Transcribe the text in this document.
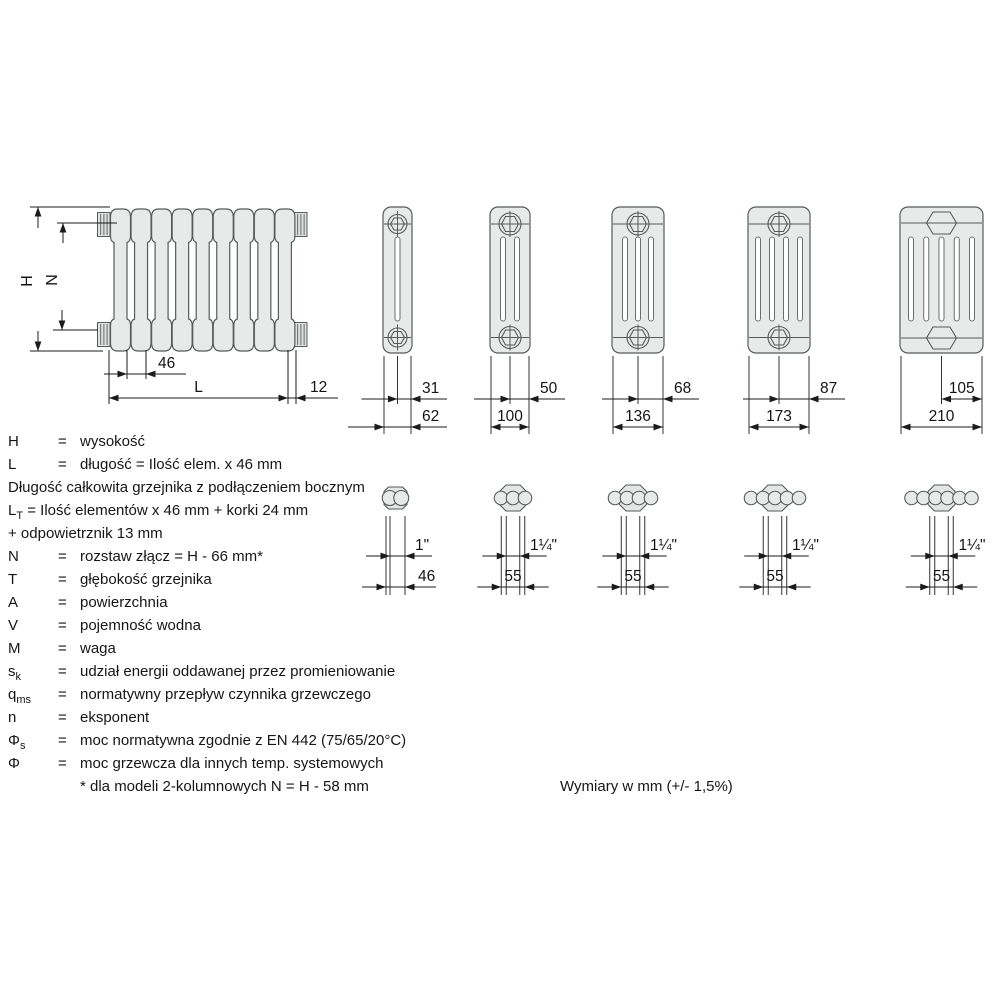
H N
46
L	12	31
62
50
100
68
136
87
173
105
210
1"
46
1¼"
55
1¼"
55
1¼"
55
1¼"
55
H	= wysokość
L	= długość = Ilość elem. x 46 mm
Długość całkowita grzejnika z podłączeniem bocznym
$L_T$ = Ilość elementów x 46 mm + korki 24 mm
+ odpowietrznik 13 mm
N	= rozstaw złącz = H - 66 mm*
T	= głębokość grzejnika
A	= powierzchnia
V	= pojemność wodna
M	= waga
$s_k$ = udział energii oddawanej przez promieniowanie
$q_{ms}$ = normatywny przepływ czynnika grzewczego
n	= eksponent
$\Phi_s$ = moc normatywna zgodnie z EN 442 (75/65/20°C)
Φ	= moc grzewcza dla innych temp. systemowych
* dla modeli 2-kolumnowych N = H - 58 mm	Wymiary w mm (+/- 1,5%)
